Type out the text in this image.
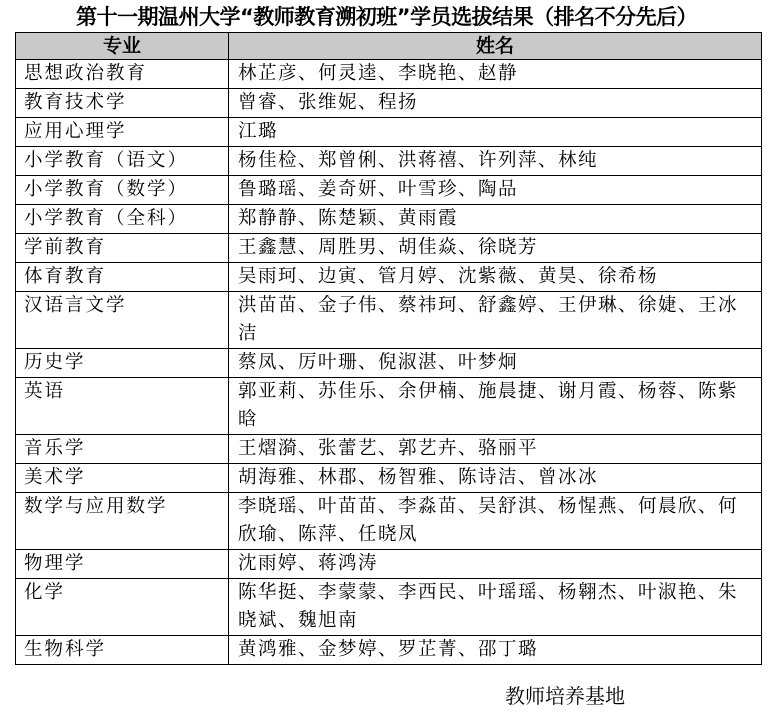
第十一期温州大学“教师教育溯初班”学员选拔结果（排名不分先后）
专业	姓名
思想政治教育	林芷彦、何灵逵、李晓艳、赵静
教育技术学	曾睿、张维妮、程扬
应用心理学	江璐
小学教育（语文）	杨佳检、郑曾俐、洪蒋禧、许列萍、林纯
小学教育（数学）	鲁璐瑶、姜奇妍、叶雪珍、陶品
小学教育（全科）	郑静静、陈楚颖、黄雨霞
学前教育	王鑫慧、周胜男、胡佳焱、徐晓芳
体育教育	吴雨珂、边寅、管月婷、沈紫薇、黄昊、徐希杨
汉语言文学	洪苗苗、金子伟、蔡祎珂、舒鑫婷、王伊琳、徐婕、王冰洁
历史学	蔡凤、厉叶珊、倪淑湛、叶梦炯
英语	郭亚莉、苏佳乐、余伊楠、施晨捷、谢月霞、杨蓉、陈紫晗
音乐学	王熠漪、张蕾艺、郭艺卉、骆丽平
美术学	胡海雅、林郡、杨智雅、陈诗洁、曾冰冰
数学与应用数学	李晓瑶、叶苗苗、李淼苗、吴舒淇、杨惺燕、何晨欣、何欣瑜、陈萍、任晓凤
物理学	沈雨婷、蒋鸿涛
化学	陈华挺、李蒙蒙、李西民、叶瑶瑶、杨翱杰、叶淑艳、朱晓斌、魏旭南
生物科学	黄鸿雅、金梦婷、罗芷菁、邵丁璐
教师培养基地
